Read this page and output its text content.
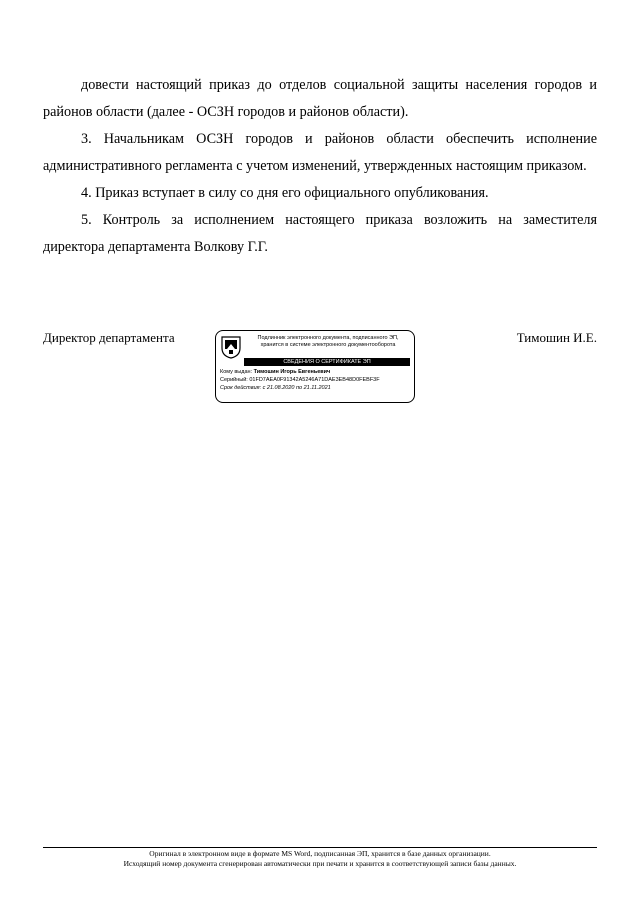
довести настоящий приказ до отделов социальной защиты населения городов и районов области (далее - ОСЗН городов и районов области).

3. Начальникам ОСЗН городов и районов области обеспечить исполнение административного регламента с учетом изменений, утвержденных настоящим приказом.

4. Приказ вступает в силу со дня его официального опубликования.

5. Контроль за исполнением настоящего приказа возложить на заместителя директора департамента Волкову Г.Г.

Директор департамента	Подлинник электронного документа, подписанного ЭП,
хранится в системе электронного документооборота
СВЕДЕНИЯ О СЕРТИФИКАТЕ ЭП
Кому выдан: Тимошин Игорь Евгеньевич
Серийный: 01FD7AEA0F91342A5246A71DAE3EB48D0FEBF3F
Срок действия: с 21.08.2020 по 21.11.2021
Тимошин И.Е.
Оригинал в электронном виде в формате MS Word, подписанная ЭП, хранится в базе данных организации.
Исходящий номер документа сгенерирован автоматически при печати и хранится в соответствующей записи базы данных.
